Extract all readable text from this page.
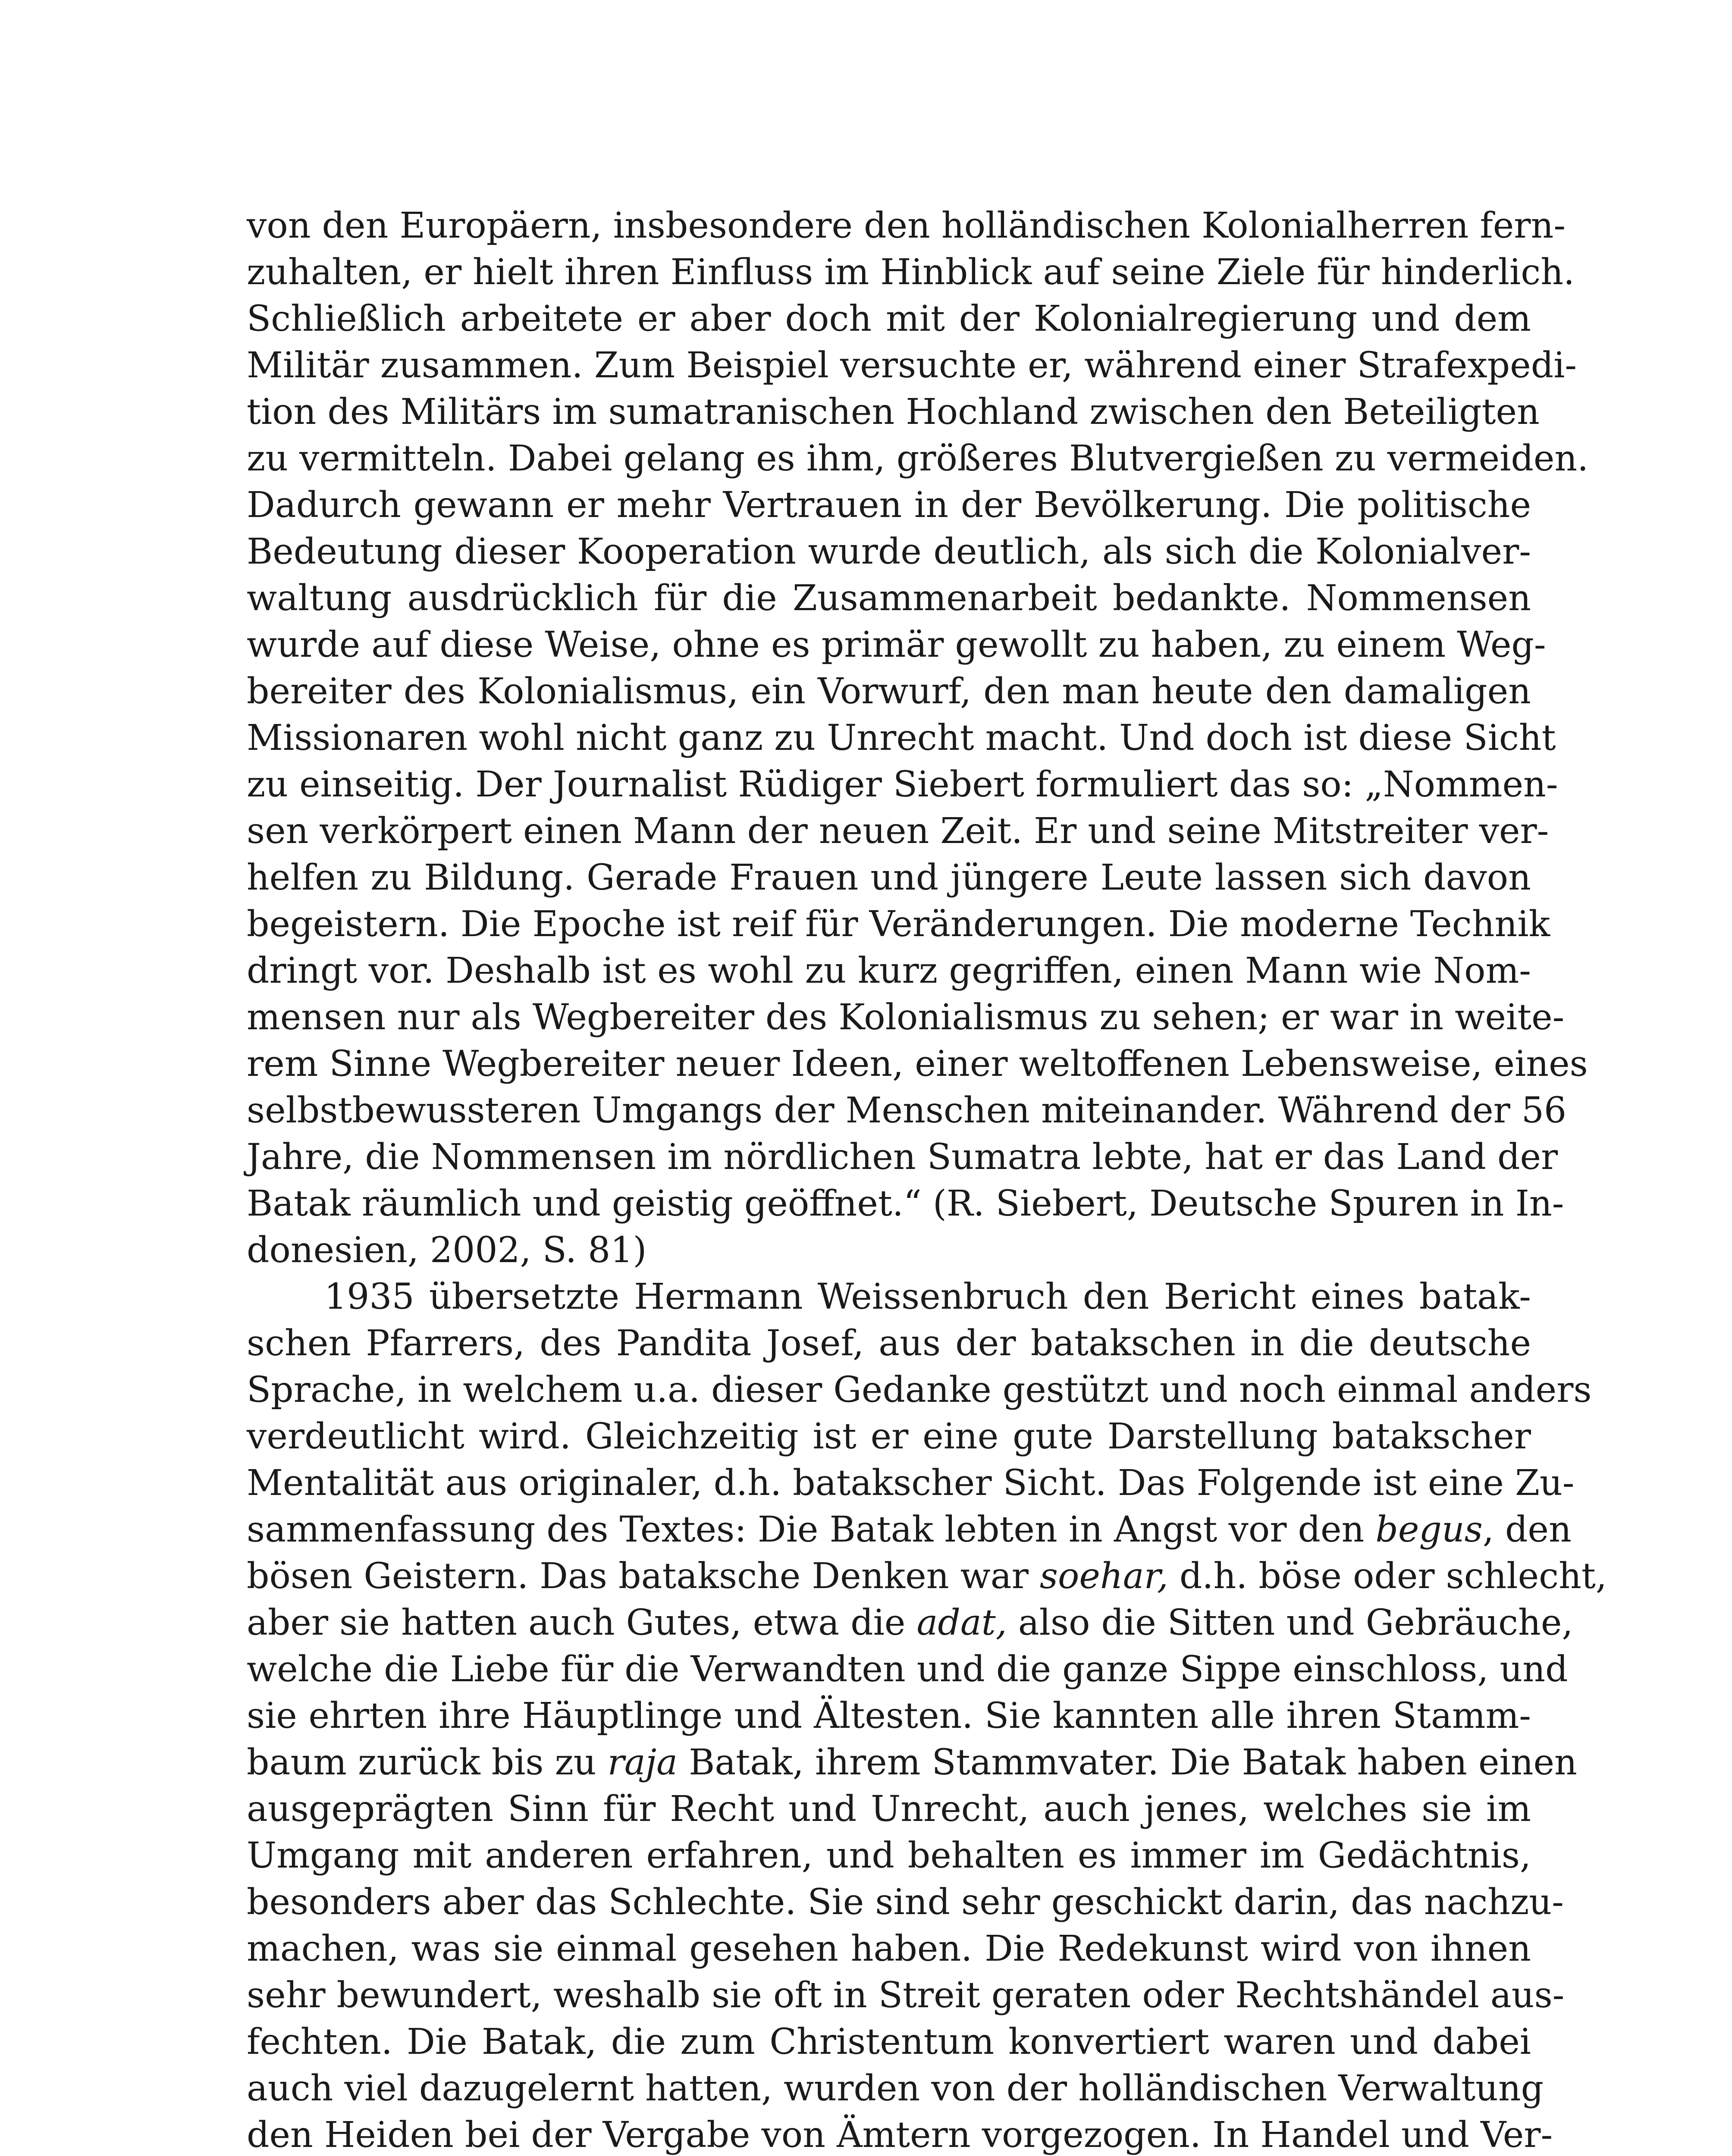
von den Europäern, insbesondere den holländischen Kolonialherren fern-
zuhalten, er hielt ihren Einfluss im Hinblick auf seine Ziele für hinderlich.
Schließlich arbeitete er aber doch mit der Kolonialregierung und dem
Militär zusammen. Zum Beispiel versuchte er, während einer Strafexpedi-
tion des Militärs im sumatranischen Hochland zwischen den Beteiligten
zu vermitteln. Dabei gelang es ihm, größeres Blutvergießen zu vermeiden.
Dadurch gewann er mehr Vertrauen in der Bevölkerung. Die politische
Bedeutung dieser Kooperation wurde deutlich, als sich die Kolonialver-
waltung ausdrücklich für die Zusammenarbeit bedankte. Nommensen
wurde auf diese Weise, ohne es primär gewollt zu haben, zu einem Weg-
bereiter des Kolonialismus, ein Vorwurf, den man heute den damaligen
Missionaren wohl nicht ganz zu Unrecht macht. Und doch ist diese Sicht
zu einseitig. Der Journalist Rüdiger Siebert formuliert das so: „Nommen-
sen verkörpert einen Mann der neuen Zeit. Er und seine Mitstreiter ver-
helfen zu Bildung. Gerade Frauen und jüngere Leute lassen sich davon
begeistern. Die Epoche ist reif für Veränderungen. Die moderne Technik
dringt vor. Deshalb ist es wohl zu kurz gegriffen, einen Mann wie Nom-
mensen nur als Wegbereiter des Kolonialismus zu sehen; er war in weite-
rem Sinne Wegbereiter neuer Ideen, einer weltoffenen Lebensweise, eines
selbstbewussteren Umgangs der Menschen miteinander. Während der 56
Jahre, die Nommensen im nördlichen Sumatra lebte, hat er das Land der
Batak räumlich und geistig geöffnet.“ (R. Siebert, Deutsche Spuren in In-
donesien, 2002, S. 81)
1935 übersetzte Hermann Weissenbruch den Bericht eines batak-
schen Pfarrers, des Pandita Josef, aus der batakschen in die deutsche
Sprache, in welchem u.a. dieser Gedanke gestützt und noch einmal anders
verdeutlicht wird. Gleichzeitig ist er eine gute Darstellung batakscher
Mentalität aus originaler, d.h. batakscher Sicht. Das Folgende ist eine Zu-
sammenfassung des Textes: Die Batak lebten in Angst vor den begus, den
bösen Geistern. Das bataksche Denken war soehar, d.h. böse oder schlecht,
aber sie hatten auch Gutes, etwa die adat, also die Sitten und Gebräuche,
welche die Liebe für die Verwandten und die ganze Sippe einschloss, und
sie ehrten ihre Häuptlinge und Ältesten. Sie kannten alle ihren Stamm-
baum zurück bis zu raja Batak, ihrem Stammvater. Die Batak haben einen
ausgeprägten Sinn für Recht und Unrecht, auch jenes, welches sie im
Umgang mit anderen erfahren, und behalten es immer im Gedächtnis,
besonders aber das Schlechte. Sie sind sehr geschickt darin, das nachzu-
machen, was sie einmal gesehen haben. Die Redekunst wird von ihnen
sehr bewundert, weshalb sie oft in Streit geraten oder Rechtshändel aus-
fechten. Die Batak, die zum Christentum konvertiert waren und dabei
auch viel dazugelernt hatten, wurden von der holländischen Verwaltung
den Heiden bei der Vergabe von Ämtern vorgezogen. In Handel und Ver-
